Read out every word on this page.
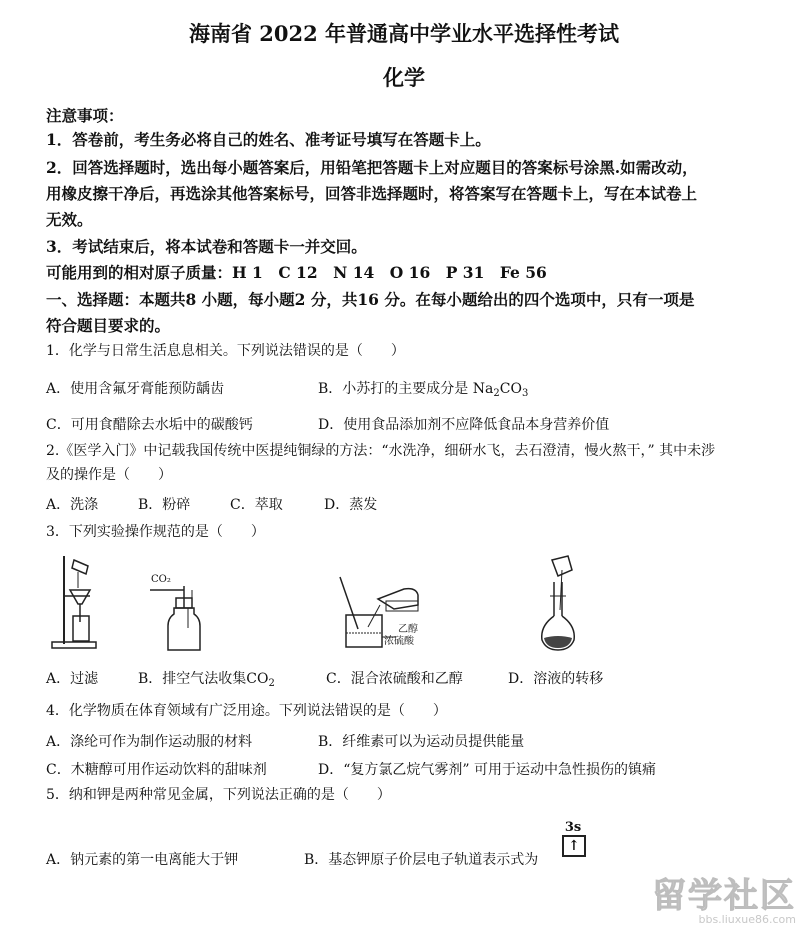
海南省 2022 年普通高中学业水平选择性考试
化学
注意事项：
1．答卷前，考生务必将自己的姓名、准考证号填写在答题卡上。
2．回答选择题时，选出每小题答案后，用铅笔把答题卡上对应题目的答案标号涂黑.如需改动，
用橡皮擦干净后，再选涂其他答案标号，回答非选择题时，将答案写在答题卡上，写在本试卷上
无效。
3．考试结束后，将本试卷和答题卡一并交回。
可能用到的相对原子质量：H 1　C 12　N 14　O 16　P 31　Fe 56
一、选择题：本题共8 小题，每小题2 分，共16 分。在每小题给出的四个选项中，只有一项是
符合题目要求的。
1．化学与日常生活息息相关。下列说法错误的是（　　）
A．使用含氟牙膏能预防龋齿	B．小苏打的主要成分是 $Na_2CO_3$
C．可用食醋除去水垢中的碳酸钙	D．使用食品添加剂不应降低食品本身营养价值
2.《医学入门》中记载我国传统中医提纯铜绿的方法：“水洗净，细研水飞，去石澄清，慢火熬干，” 其中未涉
及的操作是（　　）
A．洗涤	B．粉碎	C．萃取	D．蒸发
3．下列实验操作规范的是（　　）
CO₂
乙醇
浓硫酸
A．过滤	B．排空气法收集$CO_2$	C．混合浓硫酸和乙醇	D．溶液的转移
4．化学物质在体育领域有广泛用途。下列说法错误的是（　　）
A．涤纶可作为制作运动服的材料	B．纤维素可以为运动员提供能量
C．木糖醇可用作运动饮料的甜味剂	D．“复方氯乙烷气雾剂” 可用于运动中急性损伤的镇痛
5．纳和钾是两种常见金属，下列说法正确的是（　　）
A．钠元素的第一电离能大于钾	B．基态钾原子价层电子轨道表示式为
3s
↑
留学社区
bbs.liuxue86.com
